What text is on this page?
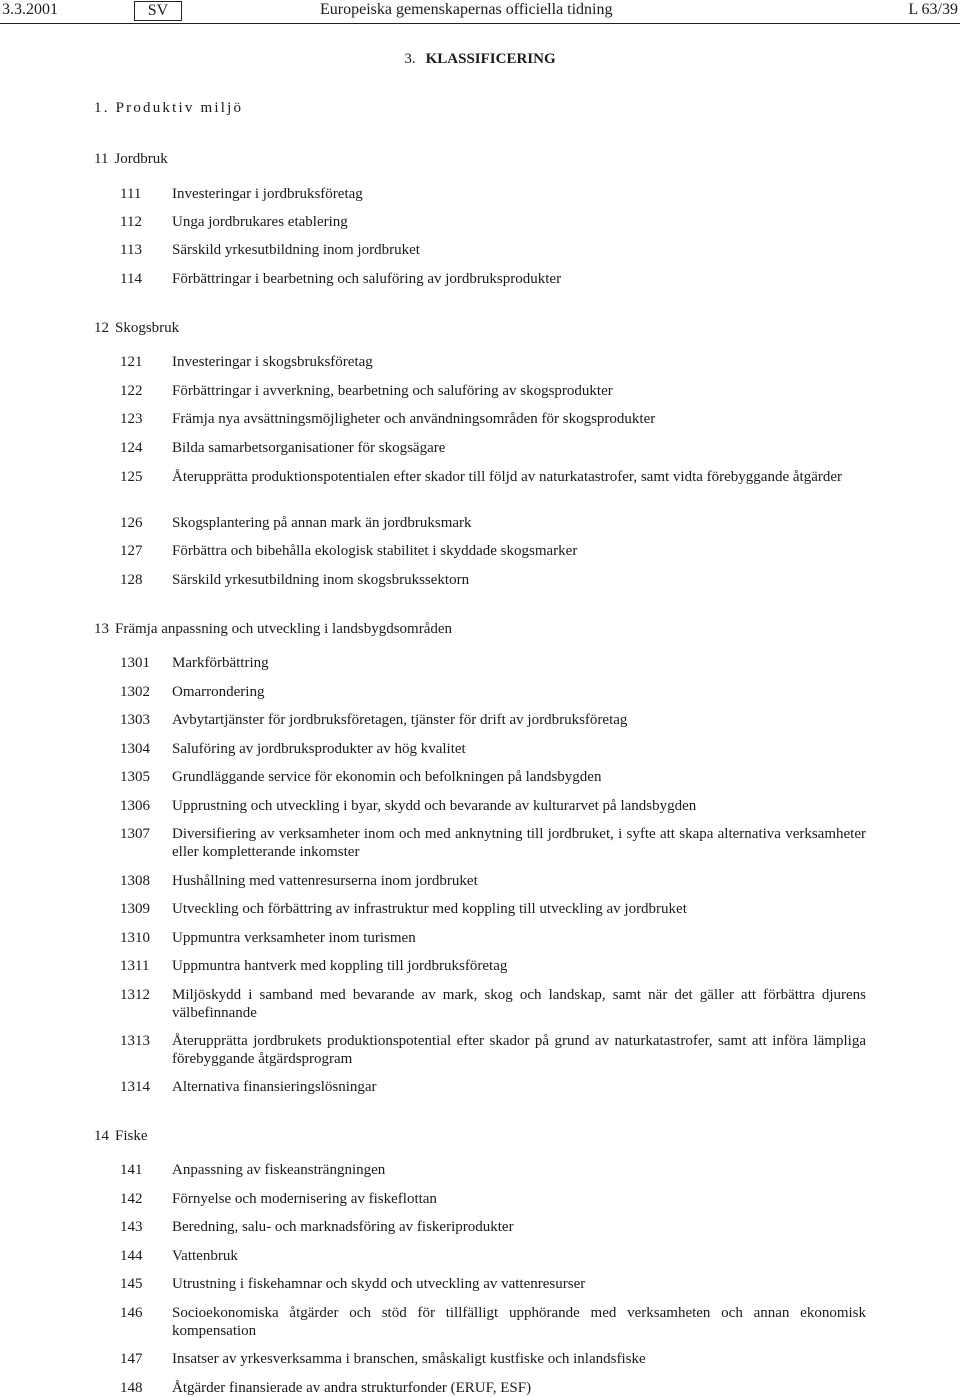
3.3.2001	SV	Europeiska gemenskapernas officiella tidning	L 63/39
3. KLASSIFICERING
1. Produktiv miljö
11 Jordbruk
111 Investeringar i jordbruksföretag
112 Unga jordbrukares etablering
113 Särskild yrkesutbildning inom jordbruket
114 Förbättringar i bearbetning och saluföring av jordbruksprodukter
12 Skogsbruk
121 Investeringar i skogsbruksföretag
122 Förbättringar i avverkning, bearbetning och saluföring av skogsprodukter
123 Främja nya avsättningsmöjligheter och användningsområden för skogsprodukter
124 Bilda samarbetsorganisationer för skogsägare
125 Återupprätta produktionspotentialen efter skador till följd av naturkatastrofer, samt vidta förebyggande åtgärder
126 Skogsplantering på annan mark än jordbruksmark
127 Förbättra och bibehålla ekologisk stabilitet i skyddade skogsmarker
128 Särskild yrkesutbildning inom skogsbrukssektorn
13 Främja anpassning och utveckling i landsbygdsområden
1301 Markförbättring
1302 Omarrondering
1303 Avbytartjänster för jordbruksföretagen, tjänster för drift av jordbruksföretag
1304 Saluföring av jordbruksprodukter av hög kvalitet
1305 Grundläggande service för ekonomin och befolkningen på landsbygden
1306 Upprustning och utveckling i byar, skydd och bevarande av kulturarvet på landsbygden
1307 Diversifiering av verksamheter inom och med anknytning till jordbruket, i syfte att skapa alternativa verksamheter eller kompletterande inkomster
1308 Hushållning med vattenresurserna inom jordbruket
1309 Utveckling och förbättring av infrastruktur med koppling till utveckling av jordbruket
1310 Uppmuntra verksamheter inom turismen
1311 Uppmuntra hantverk med koppling till jordbruksföretag
1312 Miljöskydd i samband med bevarande av mark, skog och landskap, samt när det gäller att förbättra djurens välbefinnande
1313 Återupprätta jordbrukets produktionspotential efter skador på grund av naturkatastrofer, samt att införa lämpliga förebyggande åtgärdsprogram
1314 Alternativa finansieringslösningar
14 Fiske
141 Anpassning av fiskeansträngningen
142 Förnyelse och modernisering av fiskeflottan
143 Beredning, salu- och marknadsföring av fiskeriprodukter
144 Vattenbruk
145 Utrustning i fiskehamnar och skydd och utveckling av vattenresurser
146 Socioekonomiska åtgärder och stöd för tillfälligt upphörande med verksamheten och annan ekonomisk kompensation
147 Insatser av yrkesverksamma i branschen, småskaligt kustfiske och inlandsfiske
148 Åtgärder finansierade av andra strukturfonder (ERUF, ESF)
